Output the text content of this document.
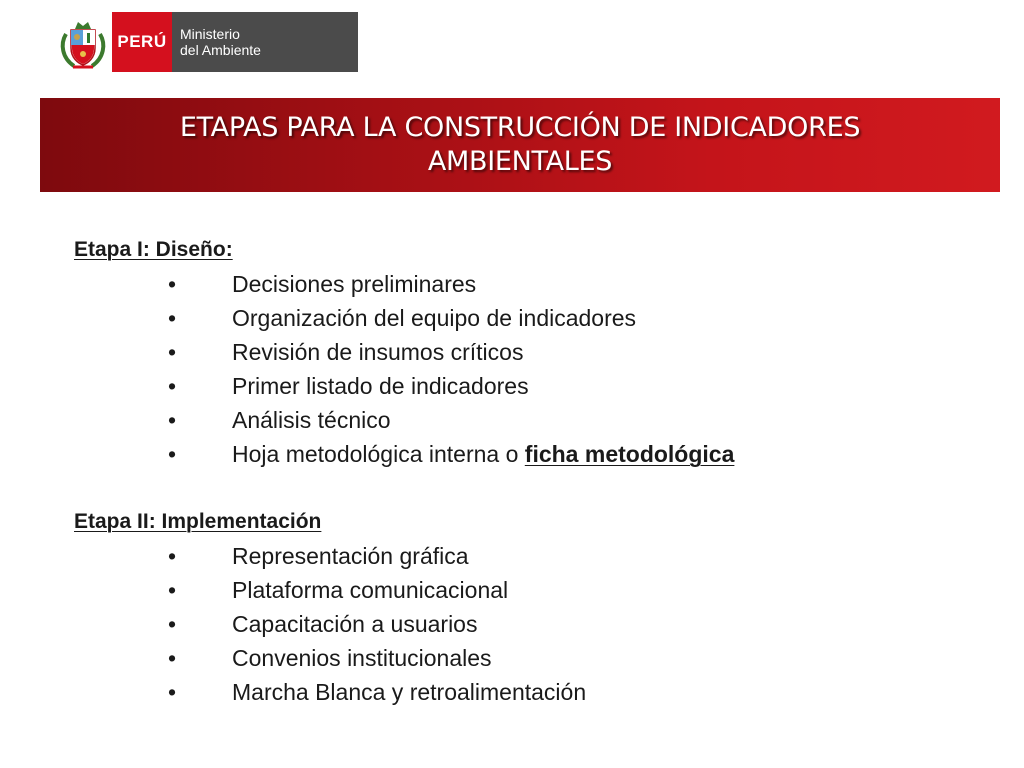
PERÚ Ministerio
del Ambiente
ETAPAS PARA LA CONSTRUCCIÓN DE INDICADORES
AMBIENTALES
Etapa I: Diseño:
• Decisiones preliminares
• Organización del equipo de indicadores
• Revisión de insumos críticos
• Primer listado de indicadores
• Análisis técnico
• Hoja metodológica interna o ficha metodológica
Etapa II: Implementación
• Representación gráfica
• Plataforma comunicacional
• Capacitación a usuarios
• Convenios institucionales
• Marcha Blanca y retroalimentación
